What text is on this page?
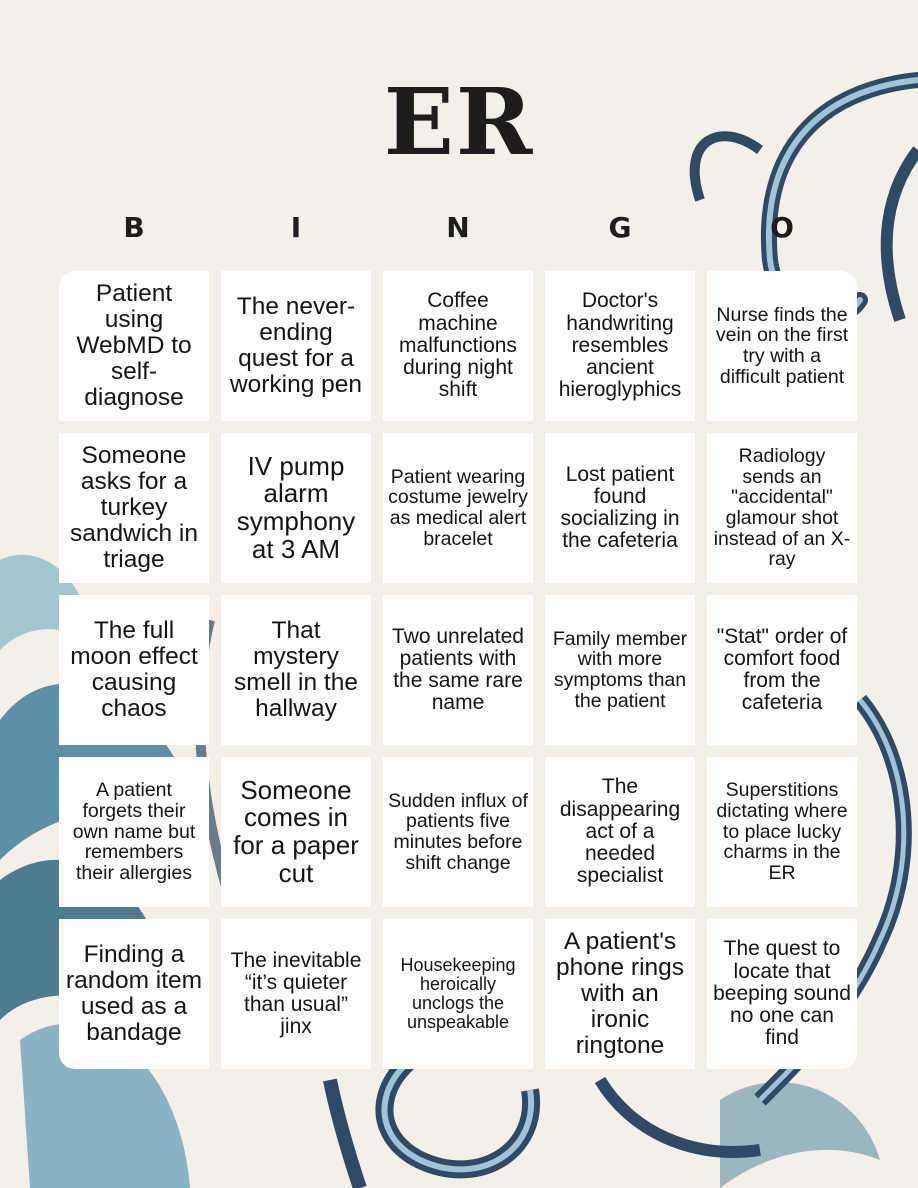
ER
B	I	N	G	O
Patient using WebMD to self-diagnose
The never-ending quest for a working pen
Coffee machine malfunctions during night shift
Doctor's handwriting resembles ancient hieroglyphics
Nurse finds the vein on the first try with a difficult patient
Someone asks for a turkey sandwich in triage
IV pump alarm symphony at 3 AM
Patient wearing costume jewelry as medical alert bracelet
Lost patient found socializing in the cafeteria
Radiology sends an "accidental" glamour shot instead of an X-ray
The full moon effect causing chaos
That mystery smell in the hallway
Two unrelated patients with the same rare name
Family member with more symptoms than the patient
"Stat" order of comfort food from the cafeteria
A patient forgets their own name but remembers their allergies
Someone comes in for a paper cut
Sudden influx of patients five minutes before shift change
The disappearing act of a needed specialist
Superstitions dictating where to place lucky charms in the ER
Finding a random item used as a bandage
The inevitable “it’s quieter than usual” jinx
Housekeeping heroically unclogs the unspeakable
A patient's phone rings with an ironic ringtone
The quest to locate that beeping sound no one can find
